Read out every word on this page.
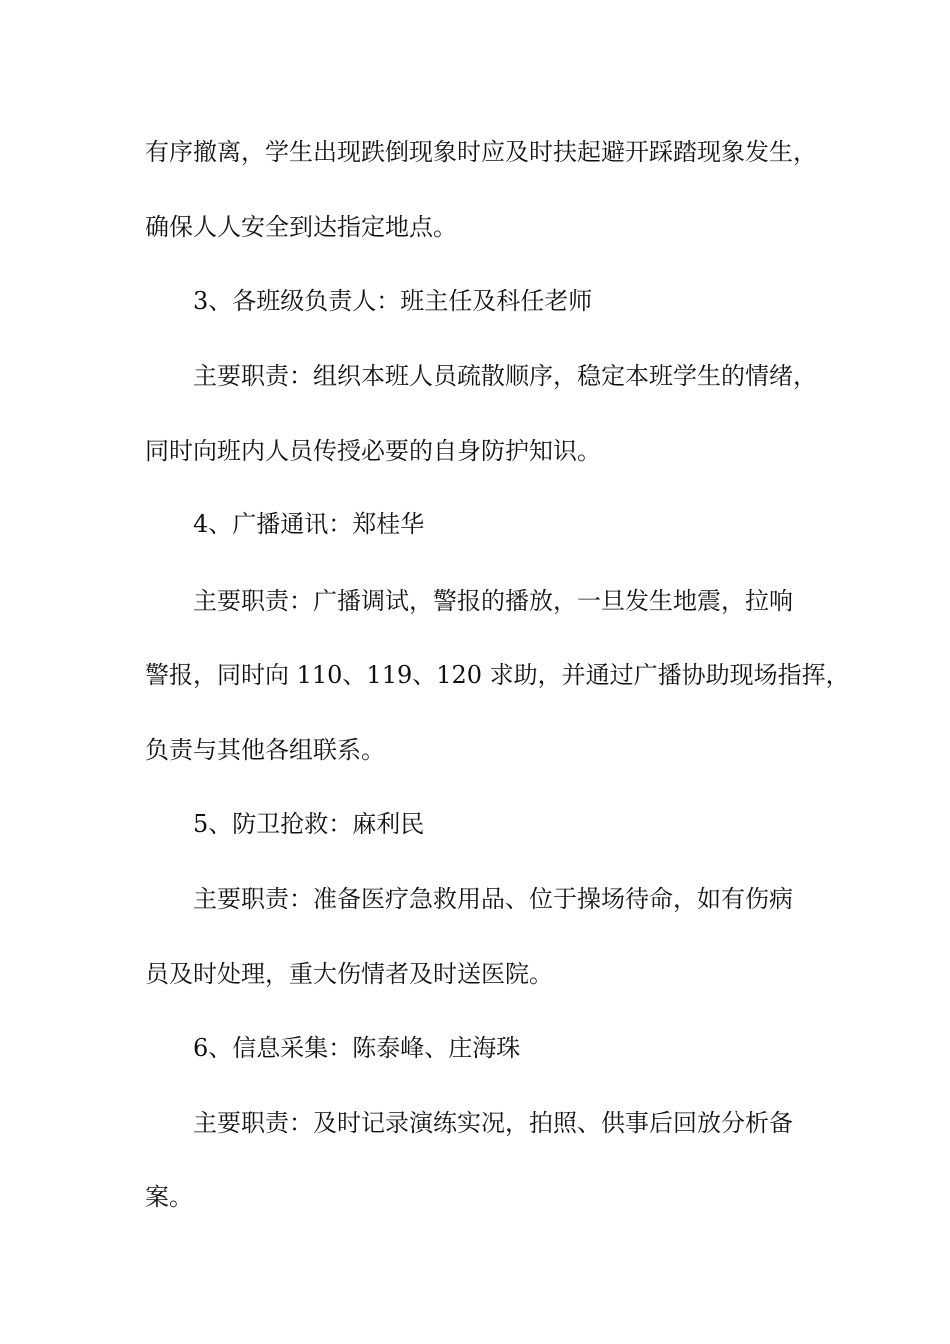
有序撤离，学生出现跌倒现象时应及时扶起避开踩踏现象发生，
确保人人安全到达指定地点。
3、各班级负责人：班主任及科任老师
主要职责：组织本班人员疏散顺序，稳定本班学生的情绪，
同时向班内人员传授必要的自身防护知识。
4、广播通讯：郑桂华
主要职责：广播调试，警报的播放，一旦发生地震，拉响
警报，同时向 110、119、120 求助，并通过广播协助现场指挥，
负责与其他各组联系。
5、防卫抢救：麻利民
主要职责：准备医疗急救用品、位于操场待命，如有伤病
员及时处理，重大伤情者及时送医院。
6、信息采集：陈泰峰、庄海珠
主要职责：及时记录演练实况，拍照、供事后回放分析备
案。
